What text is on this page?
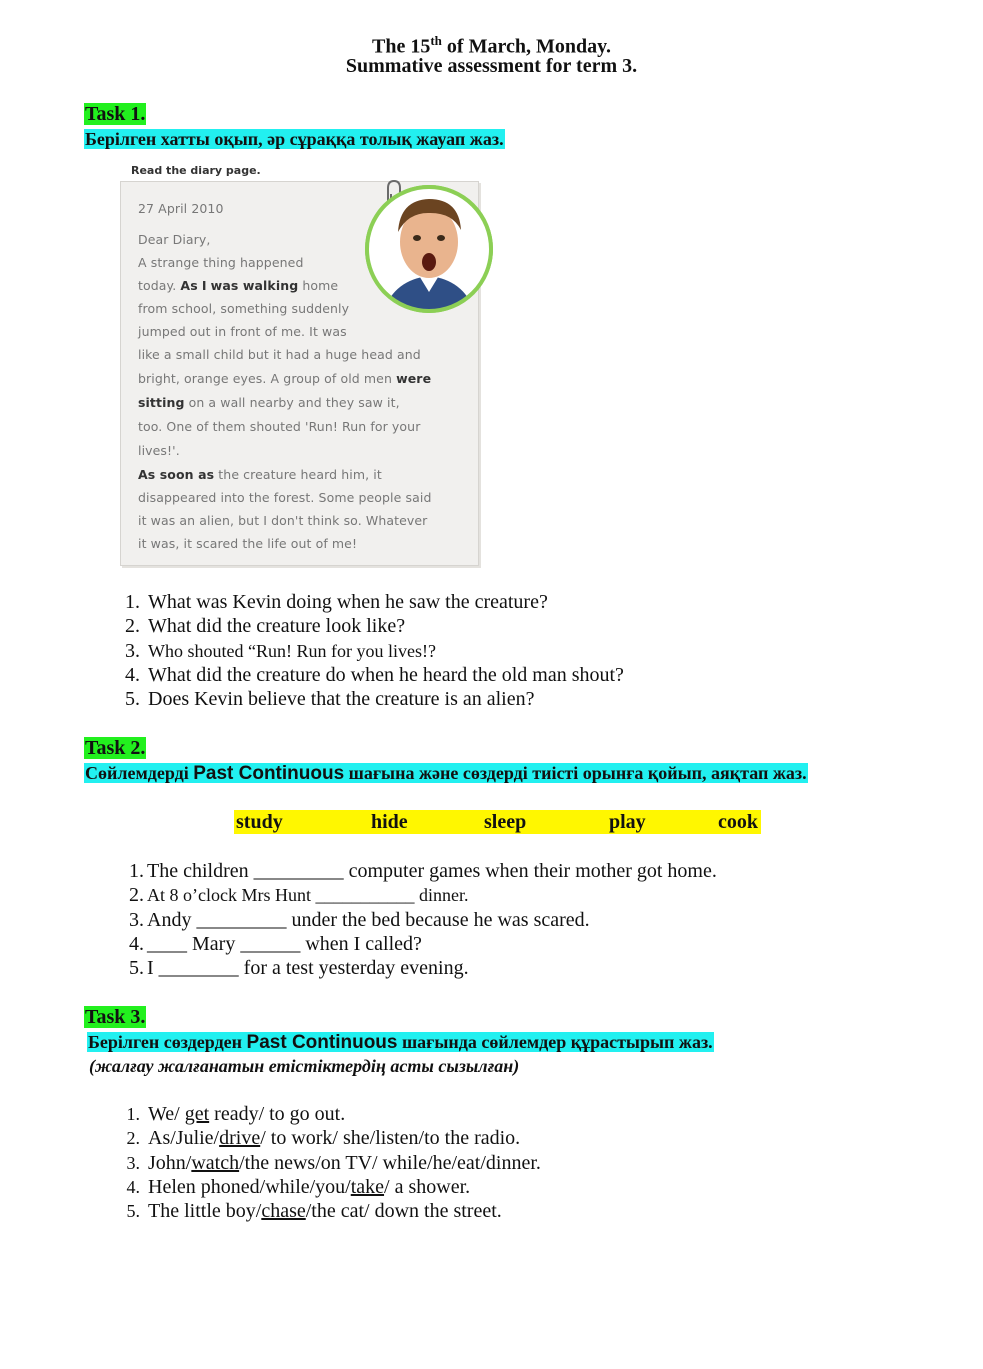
The 15th of March, Monday.
Summative assessment for term 3.
Task 1.
Берілген хатты оқып, әр сұраққа толық жауап жаз.
Read the diary page.
27 April 2010
Dear Diary,
A strange thing happened
today. As I was walking home
from school, something suddenly
jumped out in front of me. It was
like a small child but it had a huge head and
bright, orange eyes. A group of old men were
sitting on a wall nearby and they saw it,
too. One of them shouted 'Run! Run for your
lives!'.
As soon as the creature heard him, it
disappeared into the forest. Some people said
it was an alien, but I don't think so. Whatever
it was, it scared the life out of me!
1. What was Kevin doing when he saw the creature?
2. What did the creature look like?
3. Who shouted “Run! Run for you lives!?
4. What did the creature do when he heard the old man shout?
5. Does Kevin believe that the creature is an alien?
Task 2.
Сөйлемдерді Past Continuous шағына және сөздерді тиісті орынға қойып, аяқтап жаз.
study	hide	sleep	play	cook
1. The children _________ computer games when their mother got home.
2. At 8 o’clock Mrs Hunt ___________ dinner.
3. Andy _________ under the bed because he was scared.
4. ____ Mary ______ when I called?
5. I ________ for a test yesterday evening.
Task 3.
Берілген сөздерден Past Continuous шағында сөйлемдер құрастырып жаз.
(жалғау жалғанатын етістіктердің асты сызылған)
1. We/ get ready/ to go out.
2. As/Julie/drive/ to work/ she/listen/to the radio.
3. John/watch/the news/on TV/ while/he/eat/dinner.
4. Helen phoned/while/you/take/ a shower.
5. The little boy/chase/the cat/ down the street.
